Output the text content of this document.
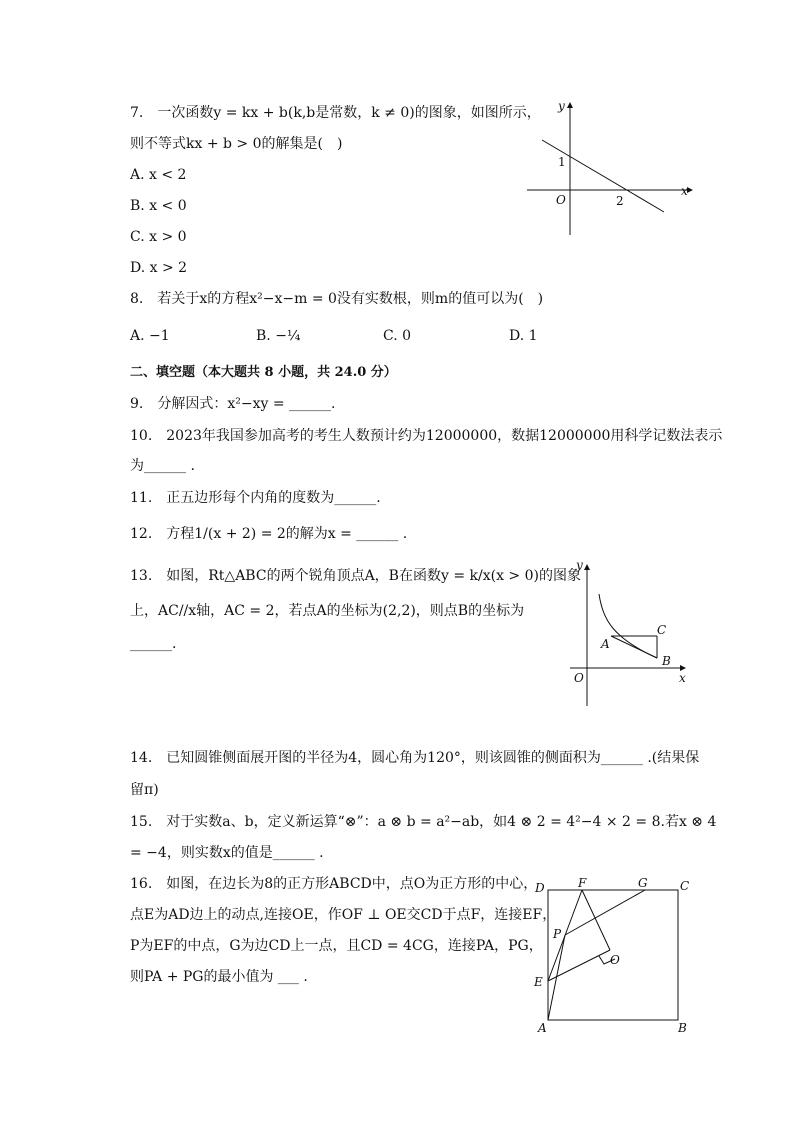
7.　一次函数y = kx + b(k,b是常数，k ≠ 0)的图象，如图所示，
则不等式kx + b > 0的解集是(　)
A. x < 2
B. x < 0
C. x > 0
D. x > 2
x
y
O
1
2
8.　若关于x的方程x²−x−m = 0没有实数根，则m的值可以为(　)
A. −1	B. −¼	C. 0	D. 1
二、填空题（本大题共 8 小题，共 24.0 分）
9.　分解因式：x²−xy = ______.
10.　2023年我国参加高考的考生人数预计约为12000000，数据12000000用科学记数法表示
为______ .
11.　正五边形每个内角的度数为______.
12.　方程1/(x + 2) = 2的解为x = ______ .
13.　如图，Rt△ABC的两个锐角顶点A，B在函数y = k/x(x > 0)的图象
上，AC//x轴，AC = 2，若点A的坐标为(2,2)，则点B的坐标为
______.
y
O	x
A
C
B
14.　已知圆锥侧面展开图的半径为4，圆心角为120°，则该圆锥的侧面积为______ .(结果保
留π)
15.　对于实数a、b，定义新运算“⊗”：a ⊗ b = a²−ab，如4 ⊗ 2 = 4²−4 × 2 = 8.若x ⊗ 4
= −4，则实数x的值是______ .
16.　如图，在边长为8的正方形ABCD中，点O为正方形的中心，
点E为AD边上的动点,连接OE，作OF ⊥ OE交CD于点F，连接EF，
P为EF的中点，G为边CD上一点，且CD = 4CG，连接PA，PG，
则PA + PG的最小值为 ___ .
D	F	G	C
P
O
E
A	B
